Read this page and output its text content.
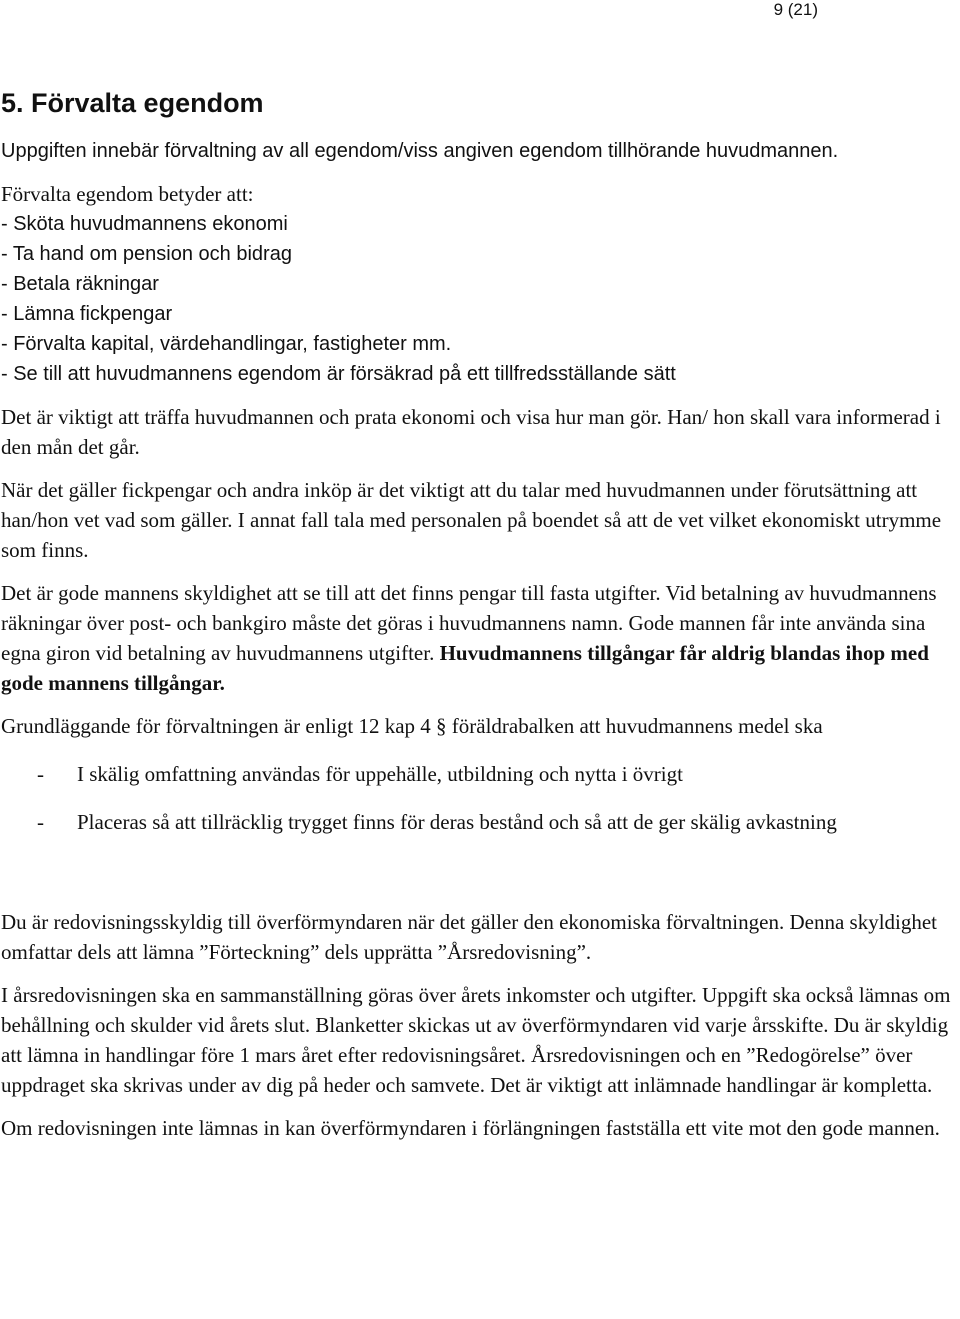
9 (21)
5. Förvalta egendom

Uppgiften innebär förvaltning av all egendom/viss angiven egendom tillhörande huvudmannen.

Förvalta egendom betyder att:

- Sköta huvudmannens ekonomi

- Ta hand om pension och bidrag

- Betala räkningar

- Lämna fickpengar

- Förvalta kapital, värdehandlingar, fastigheter mm.

- Se till att huvudmannens egendom är försäkrad på ett tillfredsställande sätt

Det är viktigt att träffa huvudmannen och prata ekonomi och visa hur man gör. Han/ hon skall vara informerad i den mån det går.

När det gäller fickpengar och andra inköp är det viktigt att du talar med huvudmannen under förutsättning att han/hon vet vad som gäller. I annat fall tala med personalen på boendet så att de vet vilket ekonomiskt utrymme som finns.

Det är gode mannens skyldighet att se till att det finns pengar till fasta utgifter. Vid betalning av huvudmannens räkningar över post- och bankgiro måste det göras i huvudmannens namn. Gode mannen får inte använda sina egna giron vid betalning av huvudmannens utgifter. Huvudmannens tillgångar får aldrig blandas ihop med gode mannens tillgångar.

Grundläggande för förvaltningen är enligt 12 kap 4 § föräldrabalken att huvudmannens medel ska

- I skälig omfattning användas för uppehälle, utbildning och nytta i övrigt
- Placeras så att tillräcklig trygget finns för deras bestånd och så att de ger skälig avkastning

Du är redovisningsskyldig till överförmyndaren när det gäller den ekonomiska förvaltningen. Denna skyldighet omfattar dels att lämna ”Förteckning” dels upprätta ”Årsredovisning”.

I årsredovisningen ska en sammanställning göras över årets inkomster och utgifter. Uppgift ska också lämnas om behållning och skulder vid årets slut. Blanketter skickas ut av överförmyndaren vid varje årsskifte. Du är skyldig att lämna in handlingar före 1 mars året efter redovisningsåret. Årsredovisningen och en ”Redogörelse” över uppdraget ska skrivas under av dig på heder och samvete. Det är viktigt att inlämnade handlingar är kompletta.

Om redovisningen inte lämnas in kan överförmyndaren i förlängningen fastställa ett vite mot den gode mannen.
